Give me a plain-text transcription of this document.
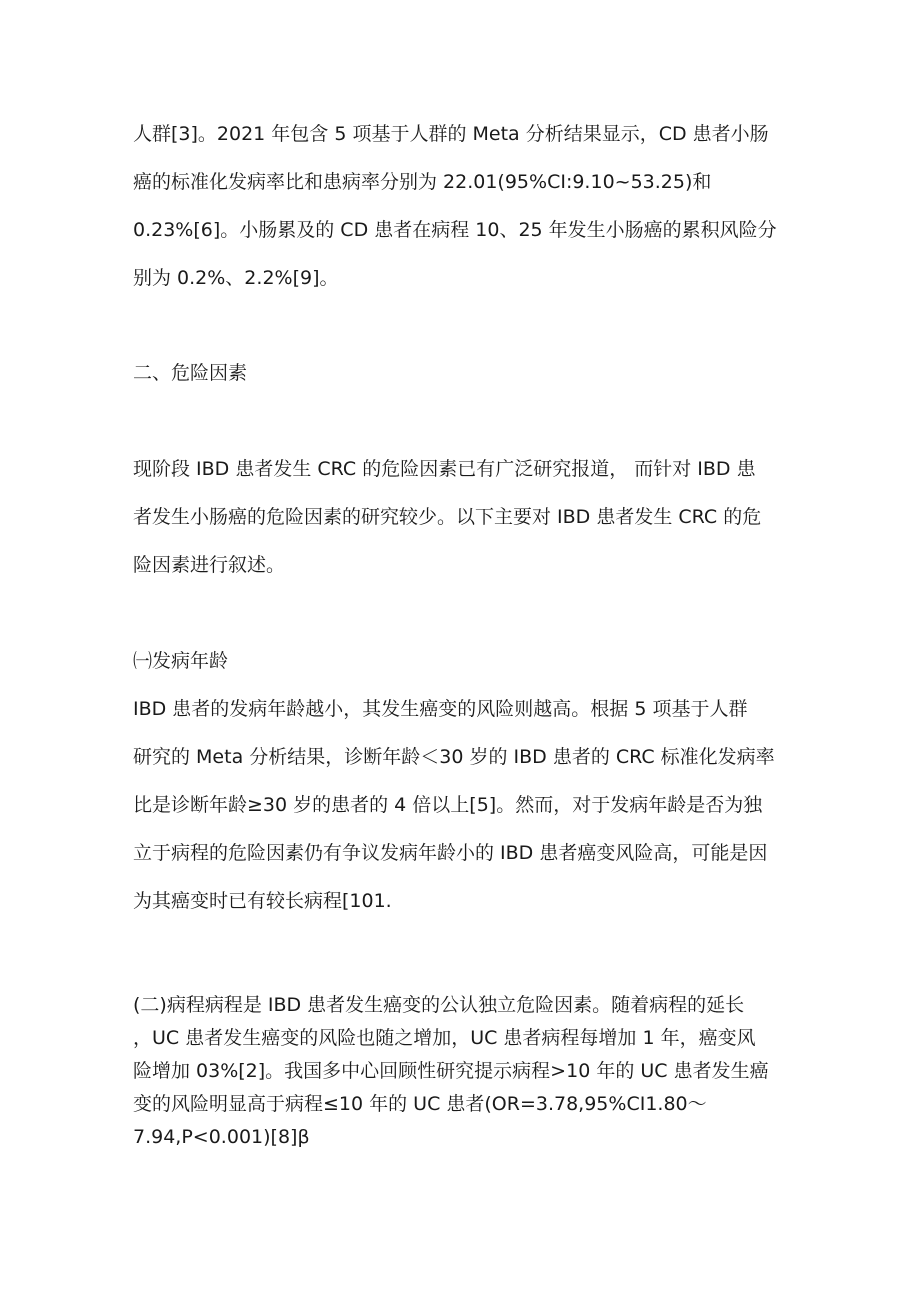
人群[3]。2021 年包含 5 项基于人群的 Meta 分析结果显示，CD 患者小肠
癌的标准化发病率比和患病率分别为 22.01(95%CI:9.10~53.25)和
0.23%[6]。小肠累及的 CD 患者在病程 10、25 年发生小肠癌的累积风险分
别为 0.2%、2.2%[9]。
二、危险因素
现阶段 IBD 患者发生 CRC 的危险因素已有广泛研究报道， 而针对 IBD 患
者发生小肠癌的危险因素的研究较少。以下主要对 IBD 患者发生 CRC 的危
险因素进行叙述。
㈠发病年龄
IBD 患者的发病年龄越小，其发生癌变的风险则越高。根据 5 项基于人群
研究的 Meta 分析结果，诊断年龄＜30 岁的 IBD 患者的 CRC 标准化发病率
比是诊断年龄≥30 岁的患者的 4 倍以上[5]。然而，对于发病年龄是否为独
立于病程的危险因素仍有争议发病年龄小的 IBD 患者癌变风险高，可能是因
为其癌变时已有较长病程[101.
(二)病程病程是 IBD 患者发生癌变的公认独立危险因素。随着病程的延长
，UC 患者发生癌变的风险也随之增加，UC 患者病程每增加 1 年，癌变风
险增加 03%[2]。我国多中心回顾性研究提示病程>10 年的 UC 患者发生癌
变的风险明显高于病程≤10 年的 UC 患者(OR=3.78,95%CI1.80〜
7.94,P<0.001)[8]β
